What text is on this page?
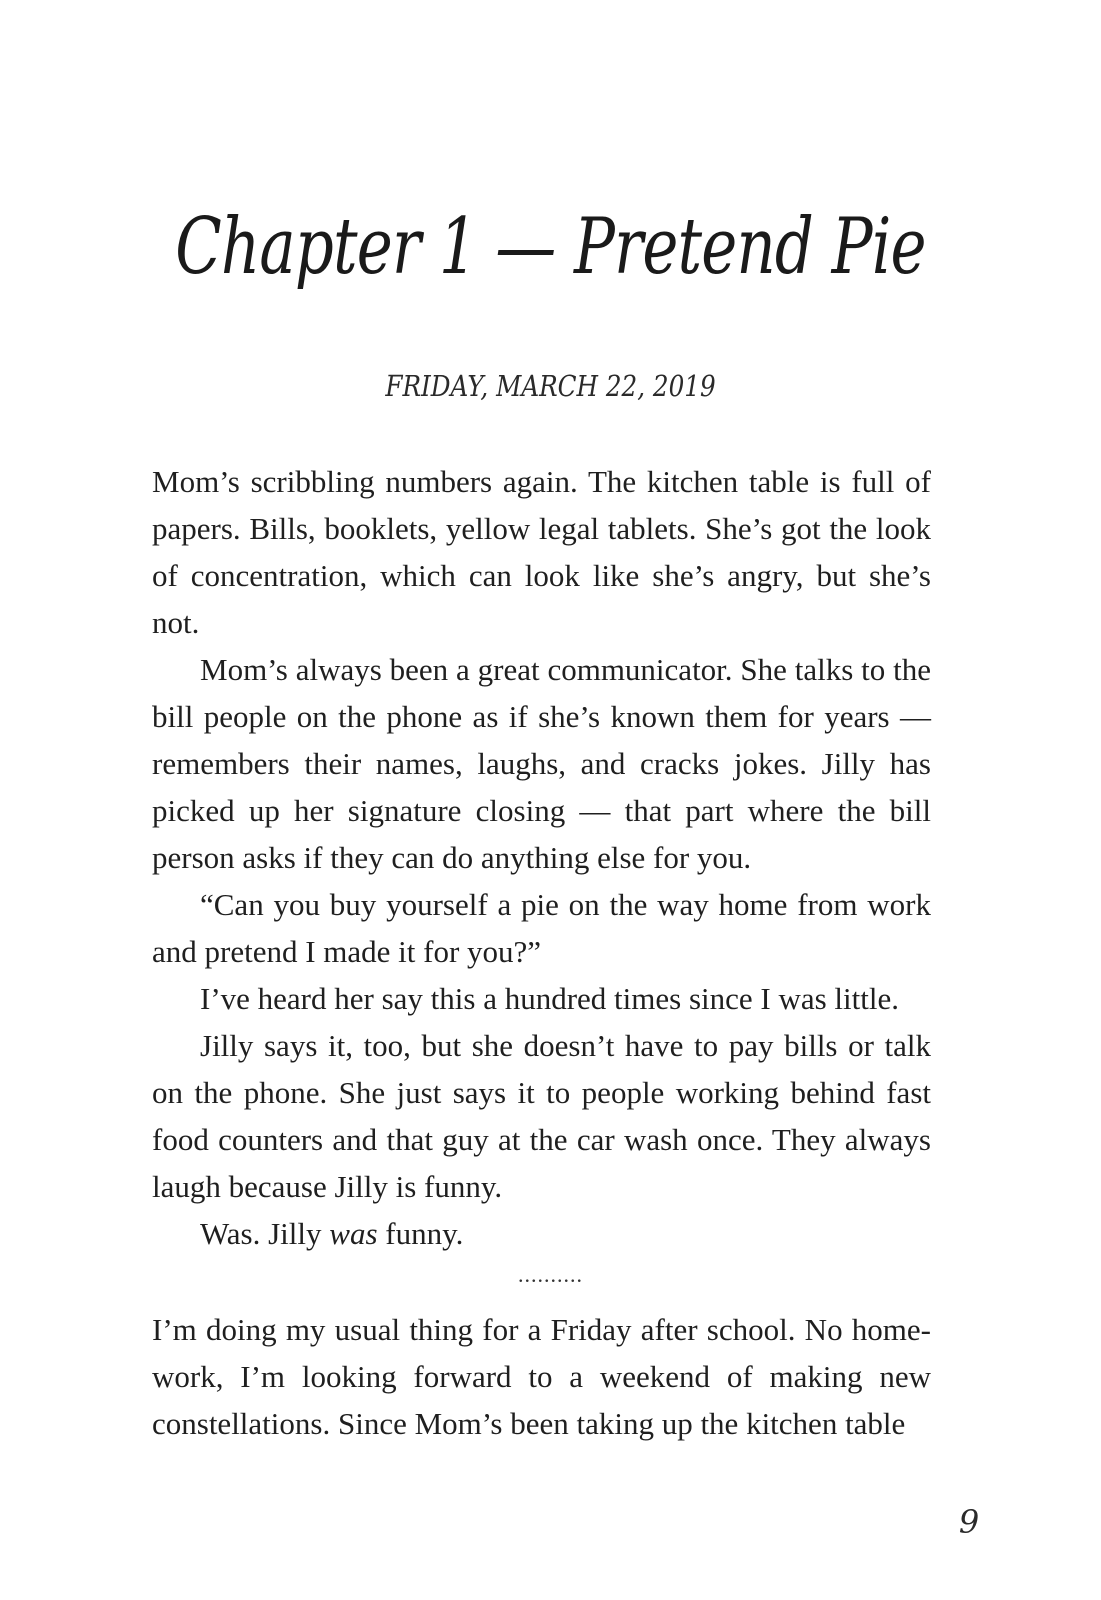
Chapter 1 — Pretend Pie
FRIDAY, MARCH 22, 2019

Mom’s scribbling numbers again. The kitchen table is full of papers. Bills, booklets, yellow legal tablets. She’s got the look of concentration, which can look like she’s angry, but she’s not.

Mom’s always been a great communicator. She talks to the bill people on the phone as if she’s known them for years — remembers their names, laughs, and cracks jokes. Jilly has picked up her signature closing — that part where the bill person asks if they can do anything else for you.

“Can you buy yourself a pie on the way home from work and pretend I made it for you?”

I’ve heard her say this a hundred times since I was little.

Jilly says it, too, but she doesn’t have to pay bills or talk on the phone. She just says it to people working behind fast food counters and that guy at the car wash once. They always laugh because Jilly is funny.

Was. Jilly was funny.

..........

I’m doing my usual thing for a Friday after school. No home-work, I’m looking forward to a weekend of making new constellations. Since Mom’s been taking up the kitchen table

9
